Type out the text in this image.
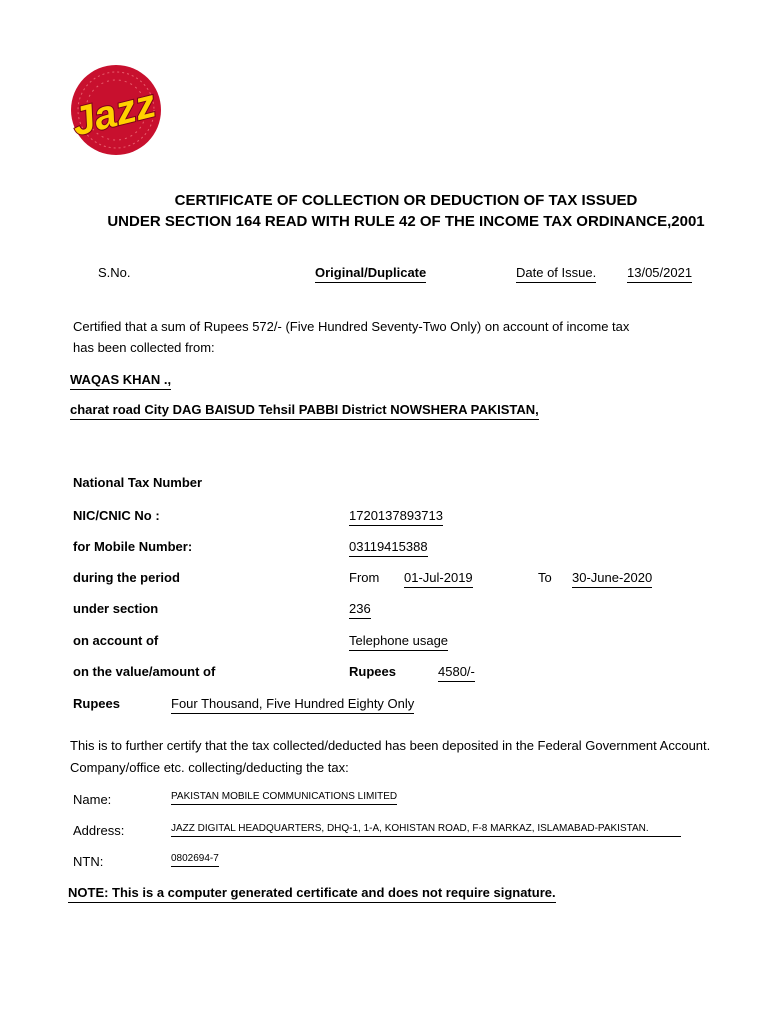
Jazz
CERTIFICATE OF COLLECTION OR DEDUCTION OF TAX ISSUED
UNDER SECTION 164 READ WITH RULE 42 OF THE INCOME TAX ORDINANCE,2001
S.No.	Original/Duplicate	Date of Issue. 13/05/2021
Certified that a sum of Rupees 572/- (Five Hundred Seventy-Two Only) on account of income tax
has been collected from:
WAQAS KHAN .,
charat road City DAG BAISUD Tehsil PABBI District NOWSHERA PAKISTAN,
National Tax Number
NIC/CNIC No :	1720137893713
for Mobile Number:	03119415388
during the period	From 01-Jul-2019	To 30-June-2020
under section	236
on account of	Telephone usage
on the value/amount of	Rupees	4580/-
Rupees	Four Thousand, Five Hundred Eighty Only
This is to further certify that the tax collected/deducted has been deposited in the Federal Government Account.
Company/office etc. collecting/deducting the tax:
Name:	PAKISTAN MOBILE COMMUNICATIONS LIMITED
Address:	JAZZ DIGITAL HEADQUARTERS, DHQ-1, 1-A, KOHISTAN ROAD, F-8 MARKAZ, ISLAMABAD-PAKISTAN.
NTN:	0802694-7
NOTE: This is a computer generated certificate and does not require signature.
